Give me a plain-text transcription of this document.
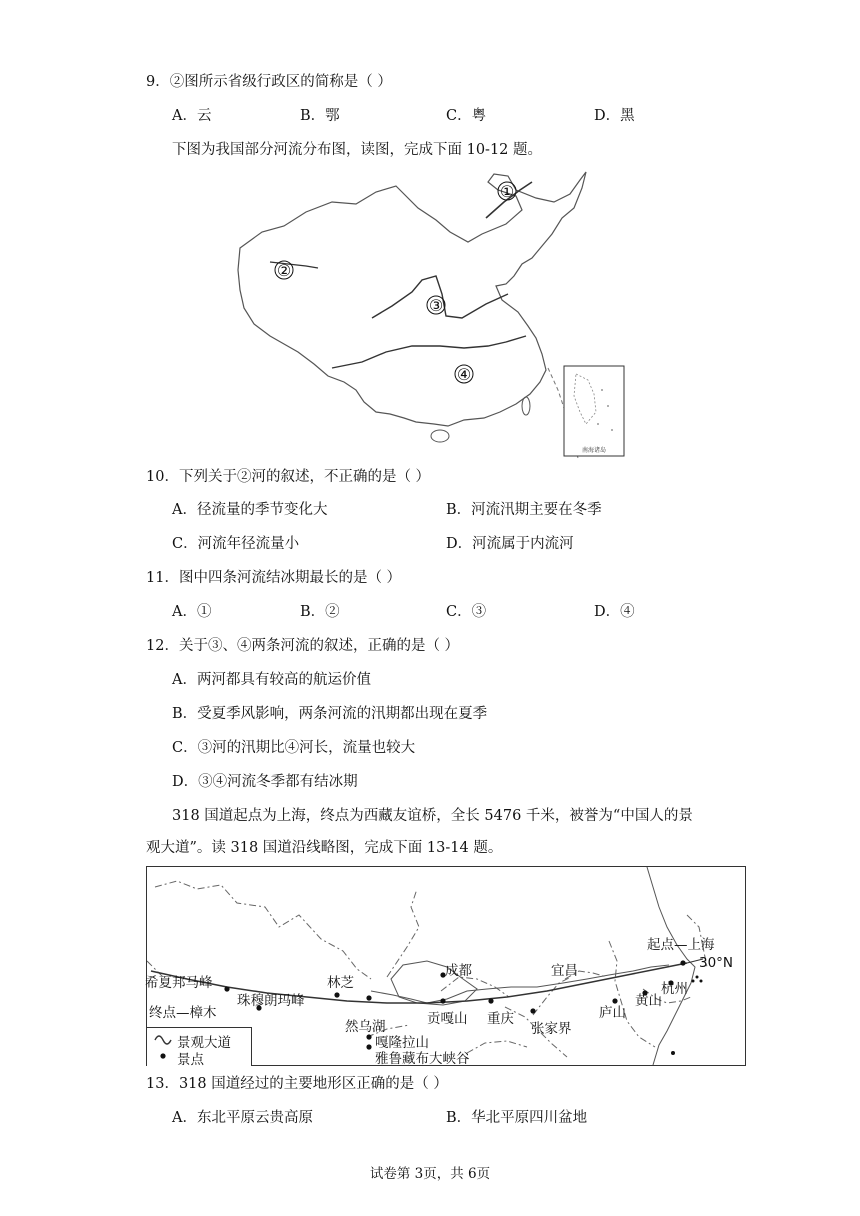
9．②图所示省级行政区的简称是（ ）
A．云	B．鄂	C．粤	D．黑
下图为我国部分河流分布图，读图，完成下面 10-12 题。
①
②
③
④
南海诸岛
10．下列关于②河的叙述，不正确的是（ ）
A．径流量的季节变化大	B．河流汛期主要在冬季
C．河流年径流量小	D．河流属于内流河
11．图中四条河流结冰期最长的是（ ）
A．①	B．②	C．③	D．④
12．关于③、④两条河流的叙述，正确的是（ ）
A．两河都具有较高的航运价值
B．受夏季风影响，两条河流的汛期都出现在夏季
C．③河的汛期比④河长，流量也较大
D．③④河流冬季都有结冰期
318 国道起点为上海，终点为西藏友谊桥，全长 5476 千米，被誉为“中国人的景
观大道”。读 318 国道沿线略图，完成下面 13-14 题。
起点—上海
30°N
希夏邦马峰
终点—樟木
珠穆朗玛峰
林芝
成都	宜昌
杭州
黄山
庐山
张家界
重庆
贡嘎山
然乌湖
嘎隆拉山
雅鲁藏布大峡谷
景观大道
景点
13．318 国道经过的主要地形区正确的是（ ）
A．东北平原云贵高原	B．华北平原四川盆地
试卷第 3页，共 6页
